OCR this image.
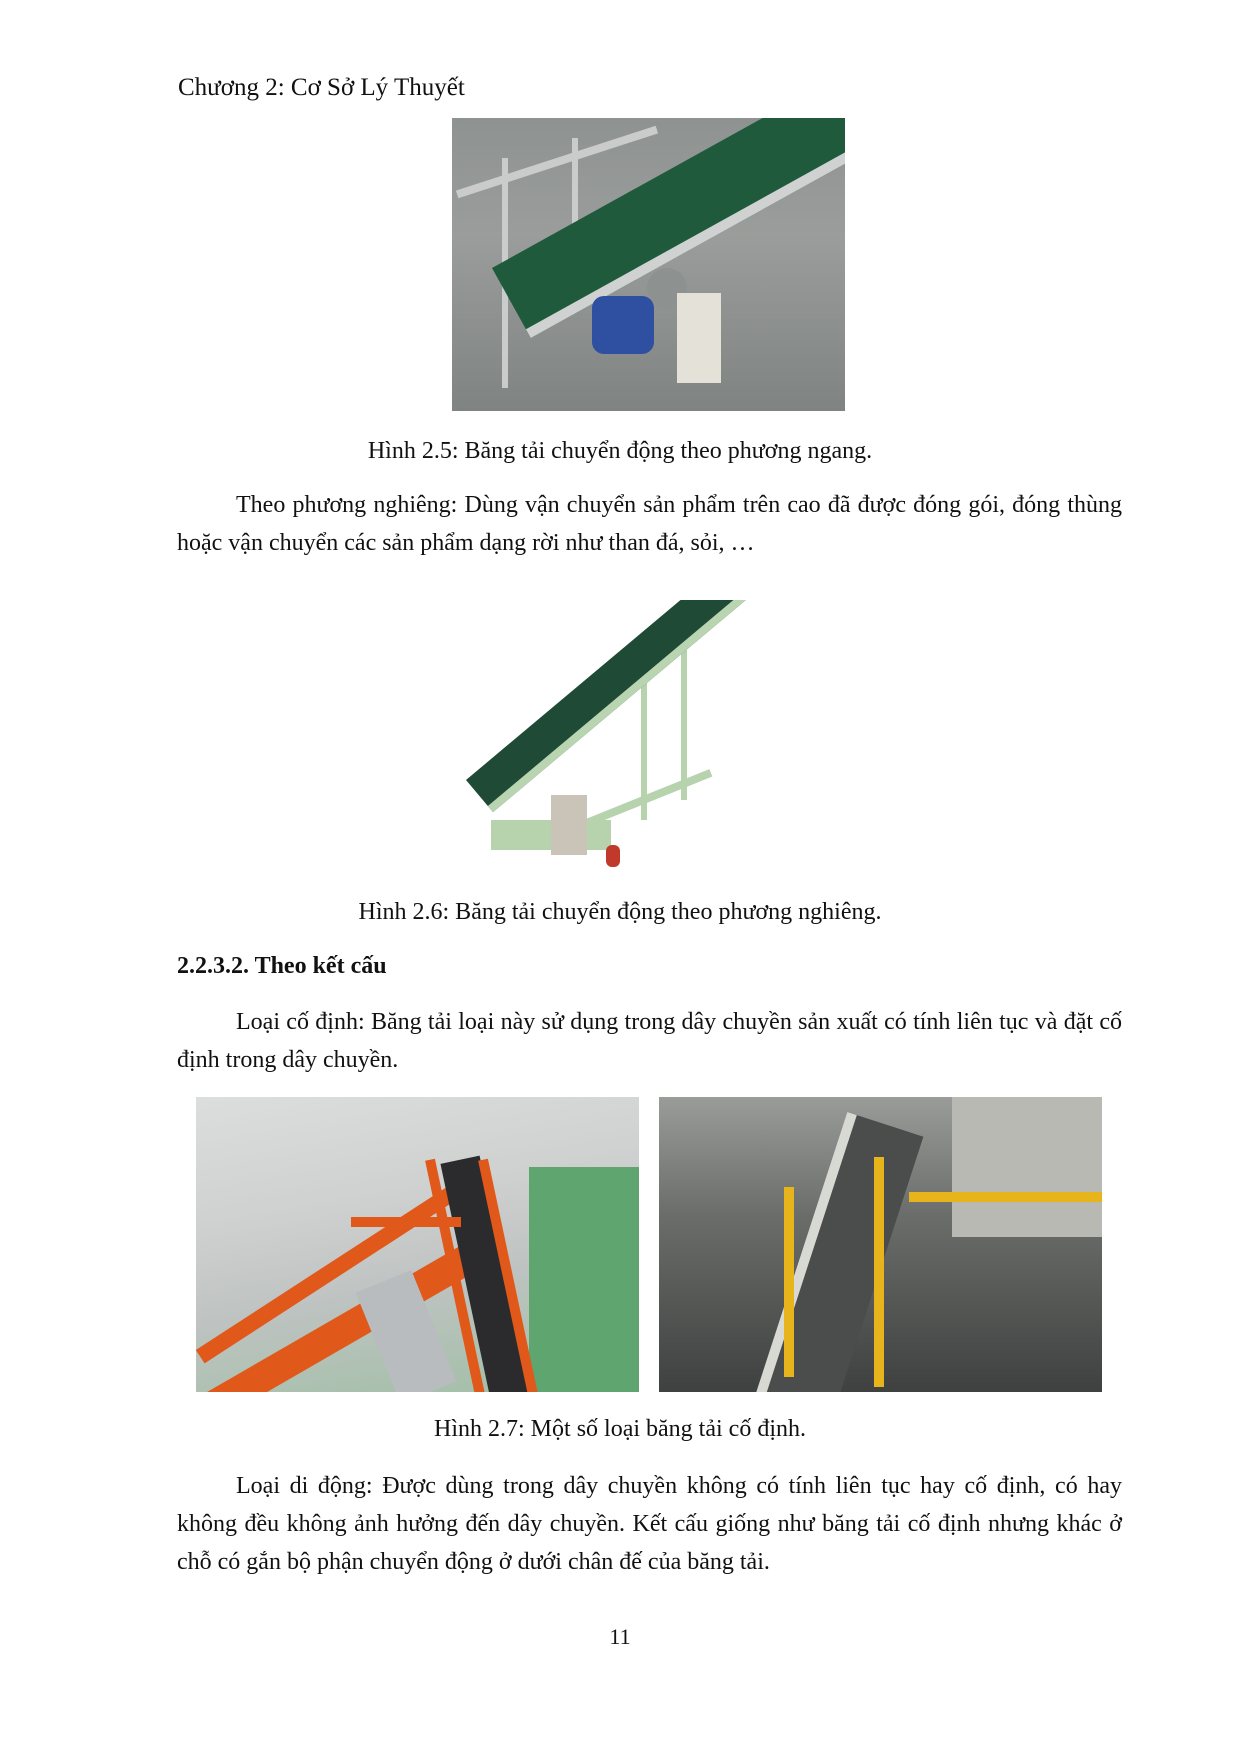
Chương 2: Cơ Sở Lý Thuyết
Hình 2.5: Băng tải chuyển động theo phương ngang.
Theo phương nghiêng: Dùng vận chuyển sản phẩm trên cao đã được đóng gói, đóng thùng hoặc vận chuyển các sản phẩm dạng rời như than đá, sỏi, …
Hình 2.6: Băng tải chuyển động theo phương nghiêng.
2.2.3.2. Theo kết cấu
Loại cố định: Băng tải loại này sử dụng trong dây chuyền sản xuất có tính liên tục và đặt cố định trong dây chuyền.
Hình 2.7: Một số loại băng tải cố định.
Loại di động: Được dùng trong dây chuyền không có tính liên tục hay cố định, có hay không đều không ảnh hưởng đến dây chuyền. Kết cấu giống như băng tải cố định nhưng khác ở chỗ có gắn bộ phận chuyển động ở dưới chân đế của băng tải.
11
